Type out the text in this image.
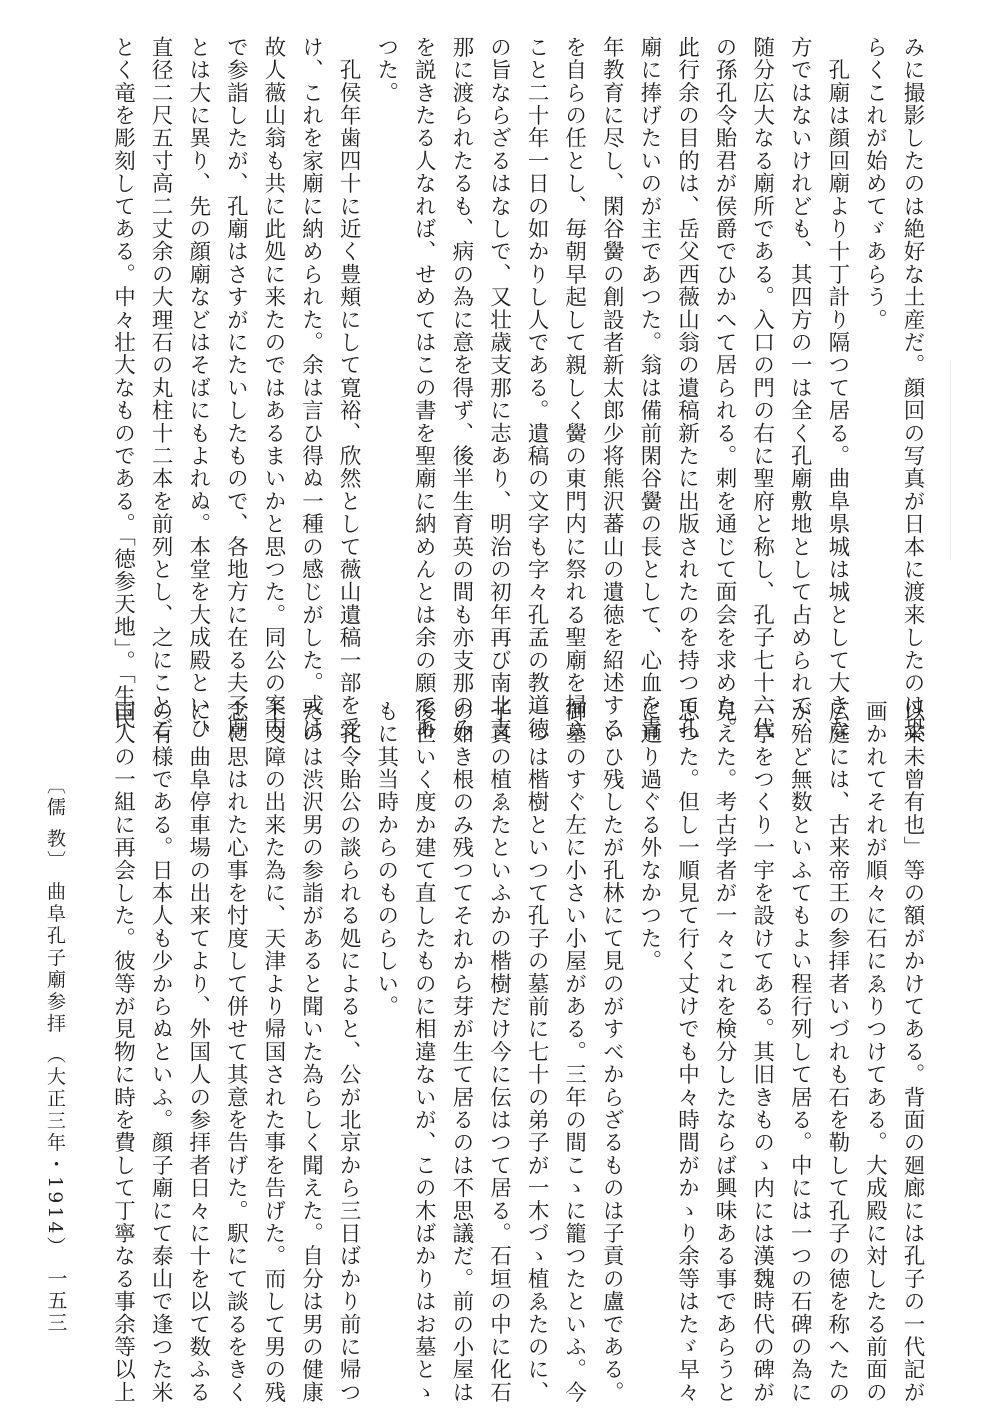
みに撮影したのは絶好な土産だ。顔回の写真が日本に渡来したのは恐
らくこれが始めてゞあらう。
　孔廟は顔回廟より十丁計り隔つて居る。曲阜県城は城として大きな
方ではないけれども、其四方の一は全く孔廟敷地として占められて、
随分広大なる廟所である。入口の門の右に聖府と称し、孔子七十六代
の孫孔令貽君が侯爵でひかへて居られる。刺を通じて面会を求めた。
此行余の目的は、岳父西薇山翁の遺稿新たに出版されたのを持つて孔
廟に捧げたいのが主であつた。翁は備前閑谷黌の長として、心血を青
年教育に尽し、閑谷黌の創設者新太郎少将熊沢蕃山の遺徳を紹述する
を自らの任とし、毎朝早起して親しく黌の東門内に祭れる聖廟を掃ふ
こと二十年一日の如かりし人である。遺稿の文字も字々孔孟の教道徳
の旨ならざるはなしで、又壮歳支那に志あり、明治の初年再び南北支
那に渡られたるも、病の為に意を得ず、後半生育英の間も亦支那のみ
を説きたる人なれば、せめてはこの書を聖廟に納めんとは余の願であ
つた。
　孔侯年歯四十に近く豊頬にして寛裕、欣然として薇山遺稿一部を受
け、これを家廟に納められた。余は言ひ得ぬ一種の感じがした。或は
故人薇山翁も共に此処に来たのではあるまいかと思つた。同公の案内
で参詣したが、孔廟はさすがにたいしたもので、各地方に在る夫子廟
とは大に異り、先の顔廟などはそばにもよれぬ。本堂を大成殿といひ
直径二尺五寸高二丈余の大理石の丸柱十二本を前列とし、之にことご
とく竜を彫刻してある。中々壮大なものである。「徳参天地」。「生民
以来未曾有也」等の額がかけてある。背面の廻廊には孔子の一代記が
画かれてそれが順々に石にゑりつけてある。大成殿に対したる前面の
広庭には、古来帝王の参拝者いづれも石を勒して孔子の徳を称へたの
が殆ど無数といふてもよい程行列して居る。中には一つの石碑の為に
一亭をつくり一宇を設けてある。其旧きものゝ内には漢魏時代の碑が
見えた。考古学者が一々これを検分したならば興味ある事であらうと
思つた。但し一順見て行く丈けでも中々時間がかゝり余等はたゞ早々
に通り過ぐる外なかつた。
　いひ残したが孔林にて見のがすべからざるものは子貢の盧である。
御墓のすぐ左に小さい小屋がある。三年の間こゝに籠つたといふ。今
一つは楷樹といつて孔子の墓前に七十の弟子が一木づゝ植ゑたのに、
子貢の植ゑたといふかの楷樹だけ今に伝はつて居る。石垣の中に化石
の如き根のみ残つてそれから芽が生て居るのは不思議だ。前の小屋は
後世いく度か建て直したものに相違ないが、この木ばかりはお墓とゝ
もに其当時からのものらしい。
　孔令貽公の談られる処によると、公が北京から三日ばかり前に帰つ
たのは渋沢男の参詣があると聞いた為らしく聞えた。自分は男の健康
上支障の出来た為に、天津より帰国された事を告げた。而して男の残
念に思はれた心事を忖度して併せて其意を告げた。駅にて談るをきく
に、曲阜停車場の出来てより、外国人の参拝者日々に十を以て数ふる
の有様である。日本人も少からぬといふ。顔子廟にて泰山で逢つた米
国人の一組に再会した。彼等が見物に時を費して丁寧なる事余等以上
〔儒 教〕 曲阜孔子廟参拝 （大正三年・1914）
一五三
